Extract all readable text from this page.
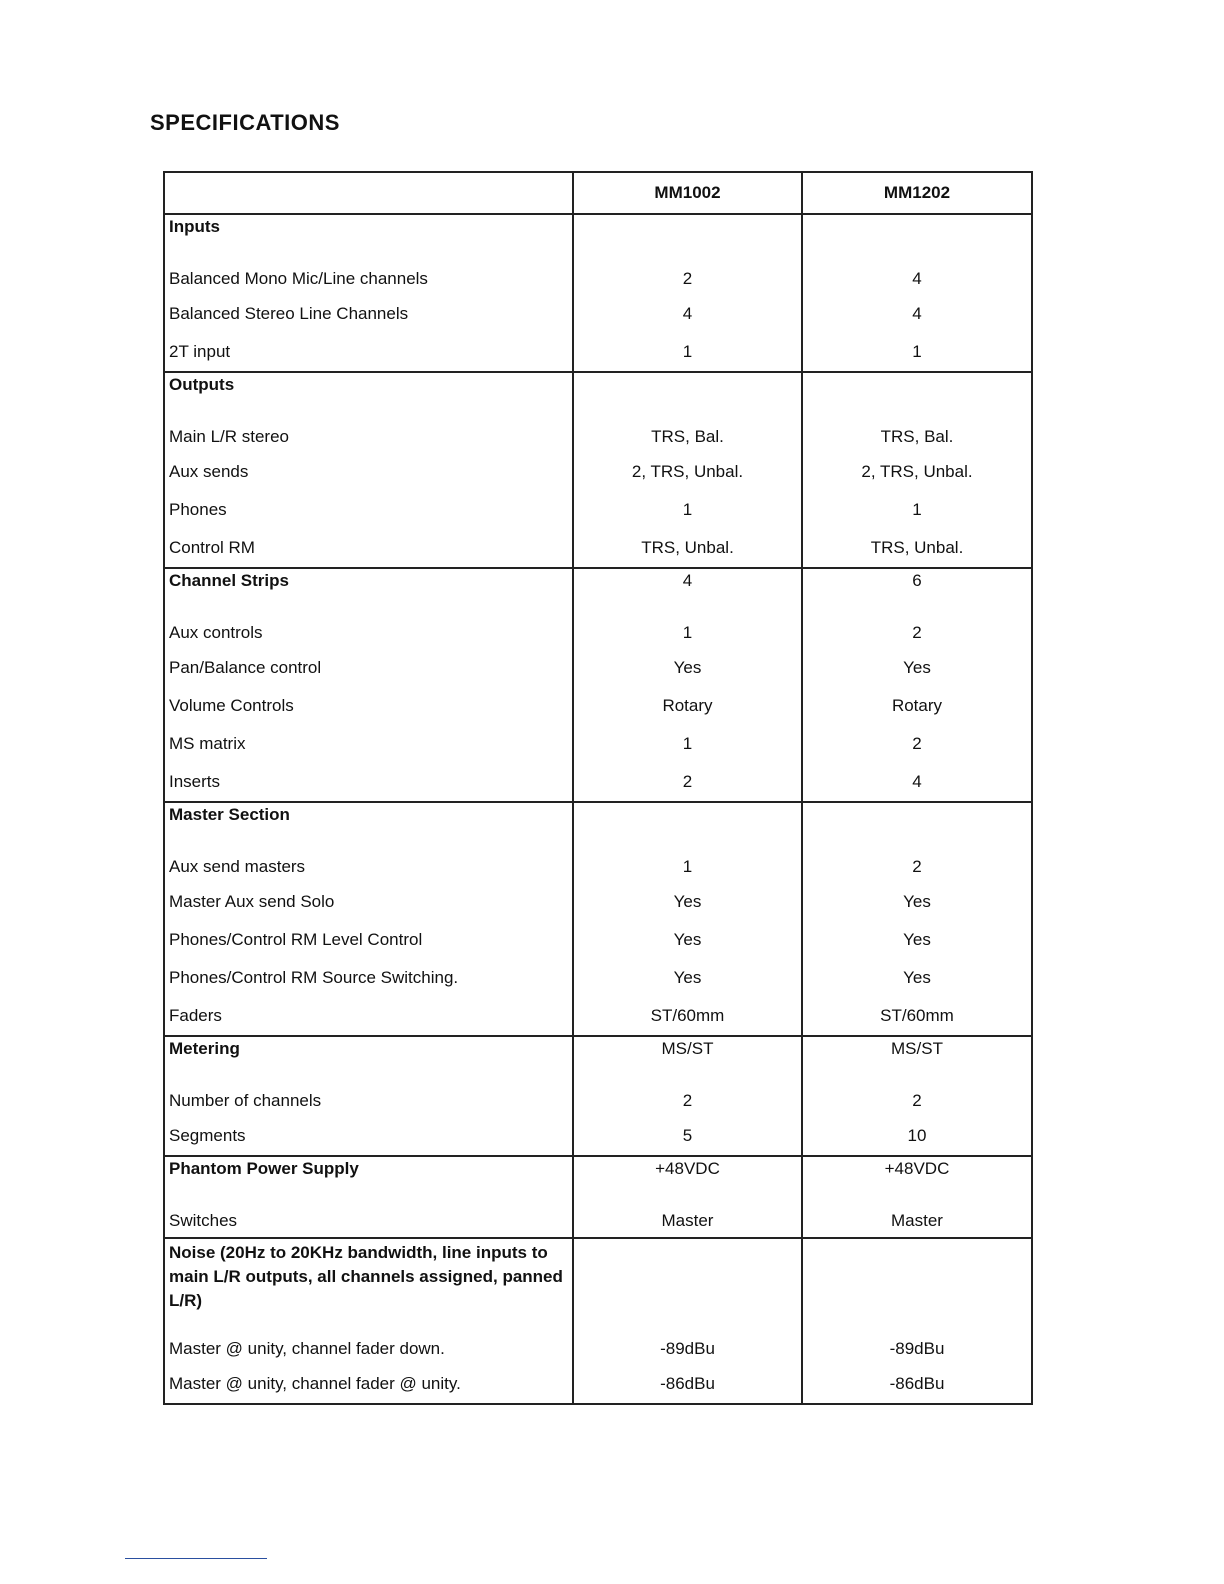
SPECIFICATIONS
	MM1002	MM1202
Inputs		
Balanced Mono Mic/Line channels	2	4
Balanced Stereo Line Channels	4	4
2T input	1	1
Outputs		
Main L/R stereo	TRS, Bal.	TRS, Bal.
Aux sends	2, TRS, Unbal.	2, TRS, Unbal.
Phones	1	1
Control RM	TRS, Unbal.	TRS, Unbal.
Channel Strips	4	6
Aux controls	1	2
Pan/Balance control	Yes	Yes
Volume Controls	Rotary	Rotary
MS matrix	1	2
Inserts	2	4
Master Section		
Aux send masters	1	2
Master Aux send Solo	Yes	Yes
Phones/Control RM Level Control	Yes	Yes
Phones/Control RM Source Switching.	Yes	Yes
Faders	ST/60mm	ST/60mm
Metering	MS/ST	MS/ST
Number of channels	2	2
Segments	5	10
Phantom Power Supply	+48VDC	+48VDC
Switches	Master	Master
Noise (20Hz to 20KHz bandwidth, line inputs to main L/R outputs, all channels assigned, panned L/R)		
Master @ unity, channel fader down.	-89dBu	-89dBu
Master @ unity, channel fader @ unity.	-86dBu	-86dBu
